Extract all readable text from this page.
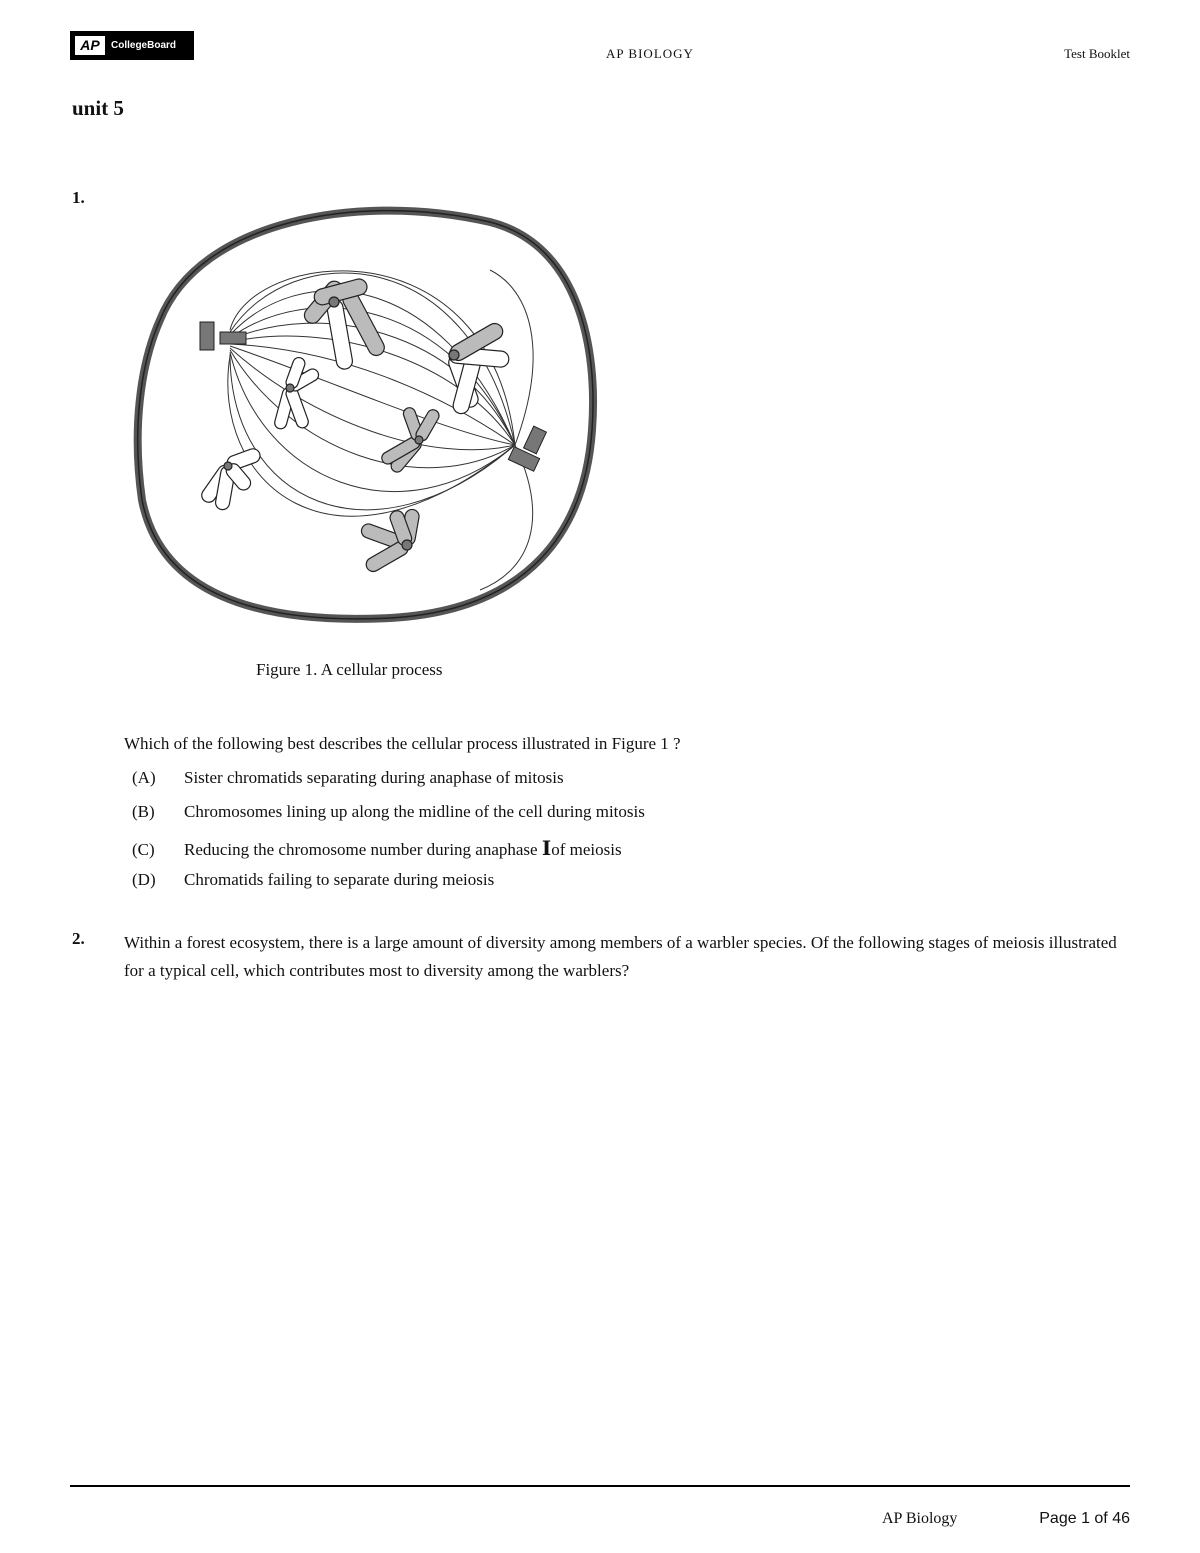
AP	CollegeBoard
AP BIOLOGY	Test Booklet
unit 5
1.
Figure 1. A cellular process
Which of the following best describes the cellular process illustrated in Figure 1 ?
(A) Sister chromatids separating during anaphase of mitosis
(B) Chromosomes lining up along the midline of the cell during mitosis
(C) Reducing the chromosome number during anaphase Iof meiosis
(D) Chromatids failing to separate during meiosis
2. Within a forest ecosystem, there is a large amount of diversity among members of a warbler species. Of the following stages of meiosis illustrated for a typical cell, which contributes most to diversity among the warblers?
AP Biology	Page 1 of 46
